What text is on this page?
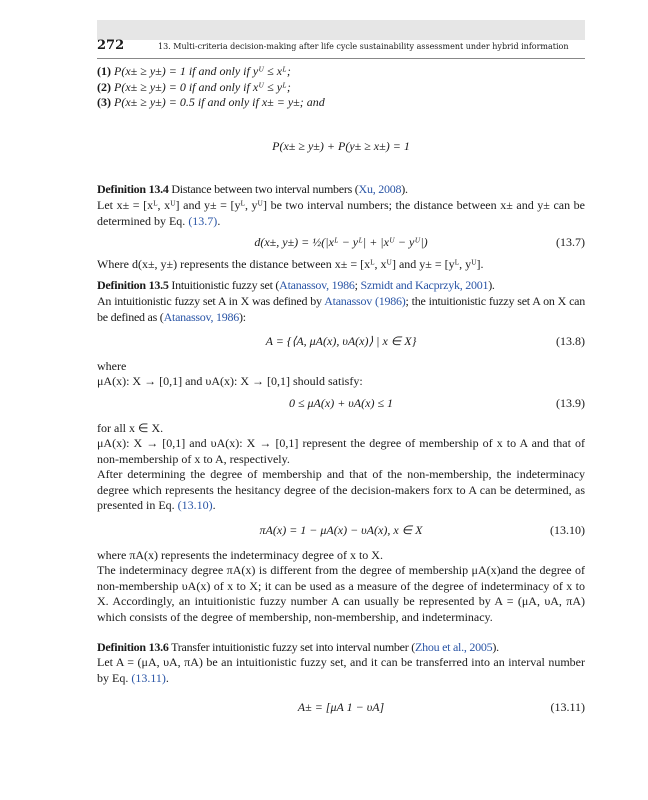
272	13. Multi-criteria decision-making after life cycle sustainability assessment under hybrid information

(1) P(x± ≥ y±) = 1 if and only if yᵁ ≤ xᴸ;

(2) P(x± ≥ y±) = 0 if and only if xᵁ ≤ yᴸ;

(3) P(x± ≥ y±) = 0.5 if and only if x± = y±; and

P(x± ≥ y±) + P(y± ≥ x±) = 1

Definition 13.4 Distance between two interval numbers (Xu, 2008).

Let x± = [xᴸ, xᵁ] and y± = [yᴸ, yᵁ] be two interval numbers; the distance between x± and y± can be determined by Eq. (13.7).

d(x±, y±) = ½(|xᴸ − yᴸ| + |xᵁ − yᵁ|)	(13.7)

Where d(x±, y±) represents the distance between x± = [xᴸ, xᵁ] and y± = [yᴸ, yᵁ].

Definition 13.5 Intuitionistic fuzzy set (Atanassov, 1986; Szmidt and Kacprzyk, 2001).

An intuitionistic fuzzy set A in X was defined by Atanassov (1986); the intuitionistic fuzzy set A on X can be defined as (Atanassov, 1986):

A = {⟨A, μA(x), υA(x)⟩ | x ∈ X}	(13.8)

where

μA(x): X → [0,1] and υA(x): X → [0,1] should satisfy:

0 ≤ μA(x) + υA(x) ≤ 1	(13.9)

for all x ∈ X.

μA(x): X → [0,1] and υA(x): X → [0,1] represent the degree of membership of x to A and that of non-membership of x to A, respectively.

After determining the degree of membership and that of the non-membership, the indeterminacy degree which represents the hesitancy degree of the decision-makers forx to A can be determined, as presented in Eq. (13.10).

πA(x) = 1 − μA(x) − υA(x), x ∈ X	(13.10)

where πA(x) represents the indeterminacy degree of x to X.

The indeterminacy degree πA(x) is different from the degree of membership μA(x)and the degree of non-membership υA(x) of x to X; it can be used as a measure of the degree of indeterminacy of x to X. Accordingly, an intuitionistic fuzzy number A can usually be represented by A = (μA, υA, πA) which consists of the degree of membership, non-membership, and indeterminacy.

Definition 13.6 Transfer intuitionistic fuzzy set into interval number (Zhou et al., 2005).

Let A = (μA, υA, πA) be an intuitionistic fuzzy set, and it can be transferred into an interval number by Eq. (13.11).

A± = [μA 1 − υA]	(13.11)
